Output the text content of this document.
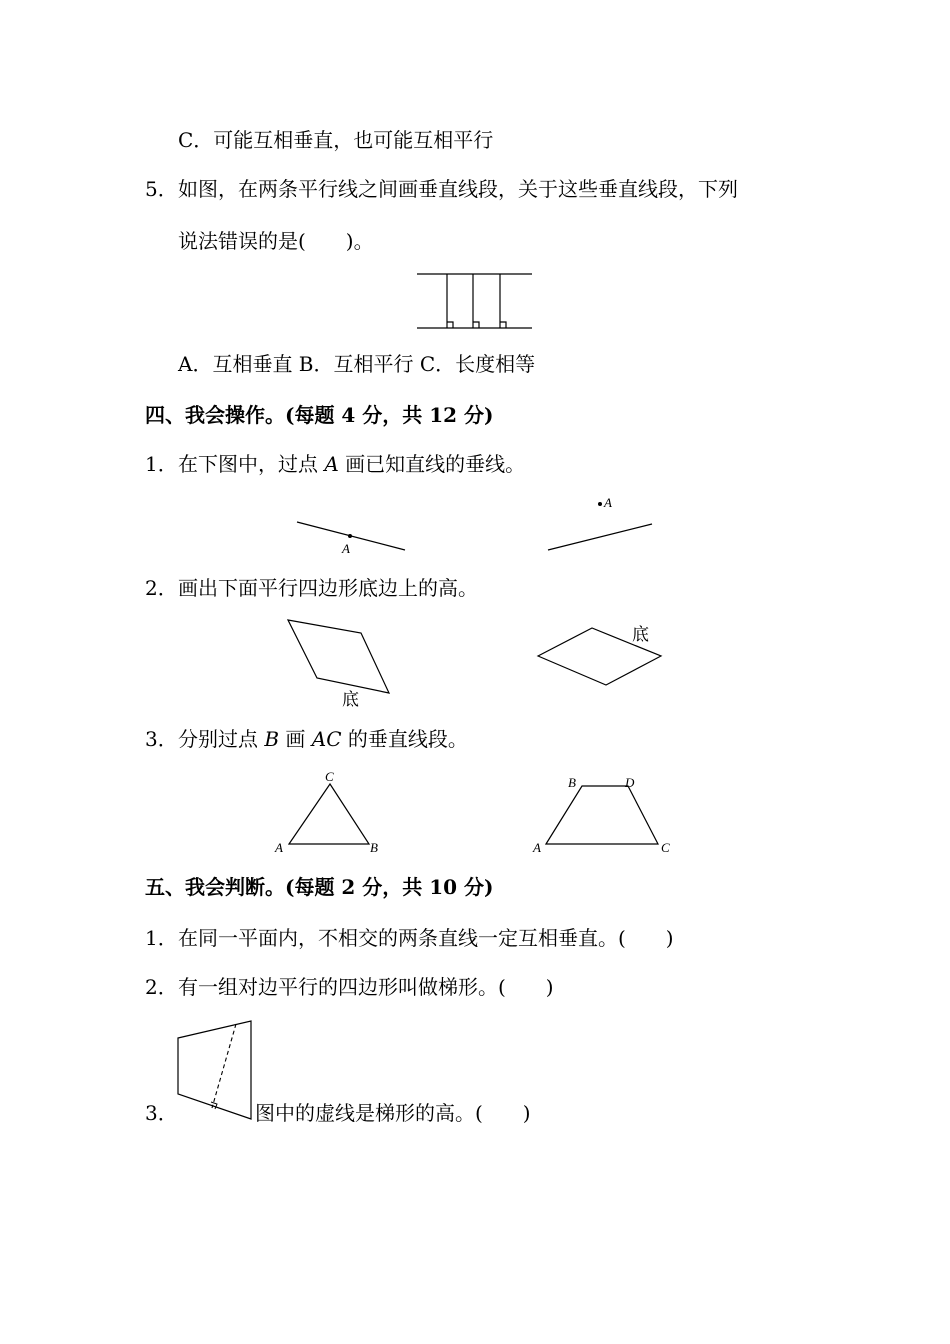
C．可能互相垂直，也可能互相平行
5． 如图，在两条平行线之间画垂直线段，关于这些垂直线段，下列
说法错误的是(　　)。
A．互相垂直 B．互相平行 C．长度相等
四、我会操作。(每题 4 分，共 12 分)
1． 在下图中，过点 A 画已知直线的垂线。
A
A
2． 画出下面平行四边形底边上的高。
底
底
3． 分别过点 B 画 AC 的垂直线段。
A	B
C
A
B
C
D
五、我会判断。(每题 2 分，共 10 分)
1． 在同一平面内，不相交的两条直线一定互相垂直。(　　)
2． 有一组对边平行的四边形叫做梯形。(　　)
3．	图中的虚线是梯形的高。(　　)
